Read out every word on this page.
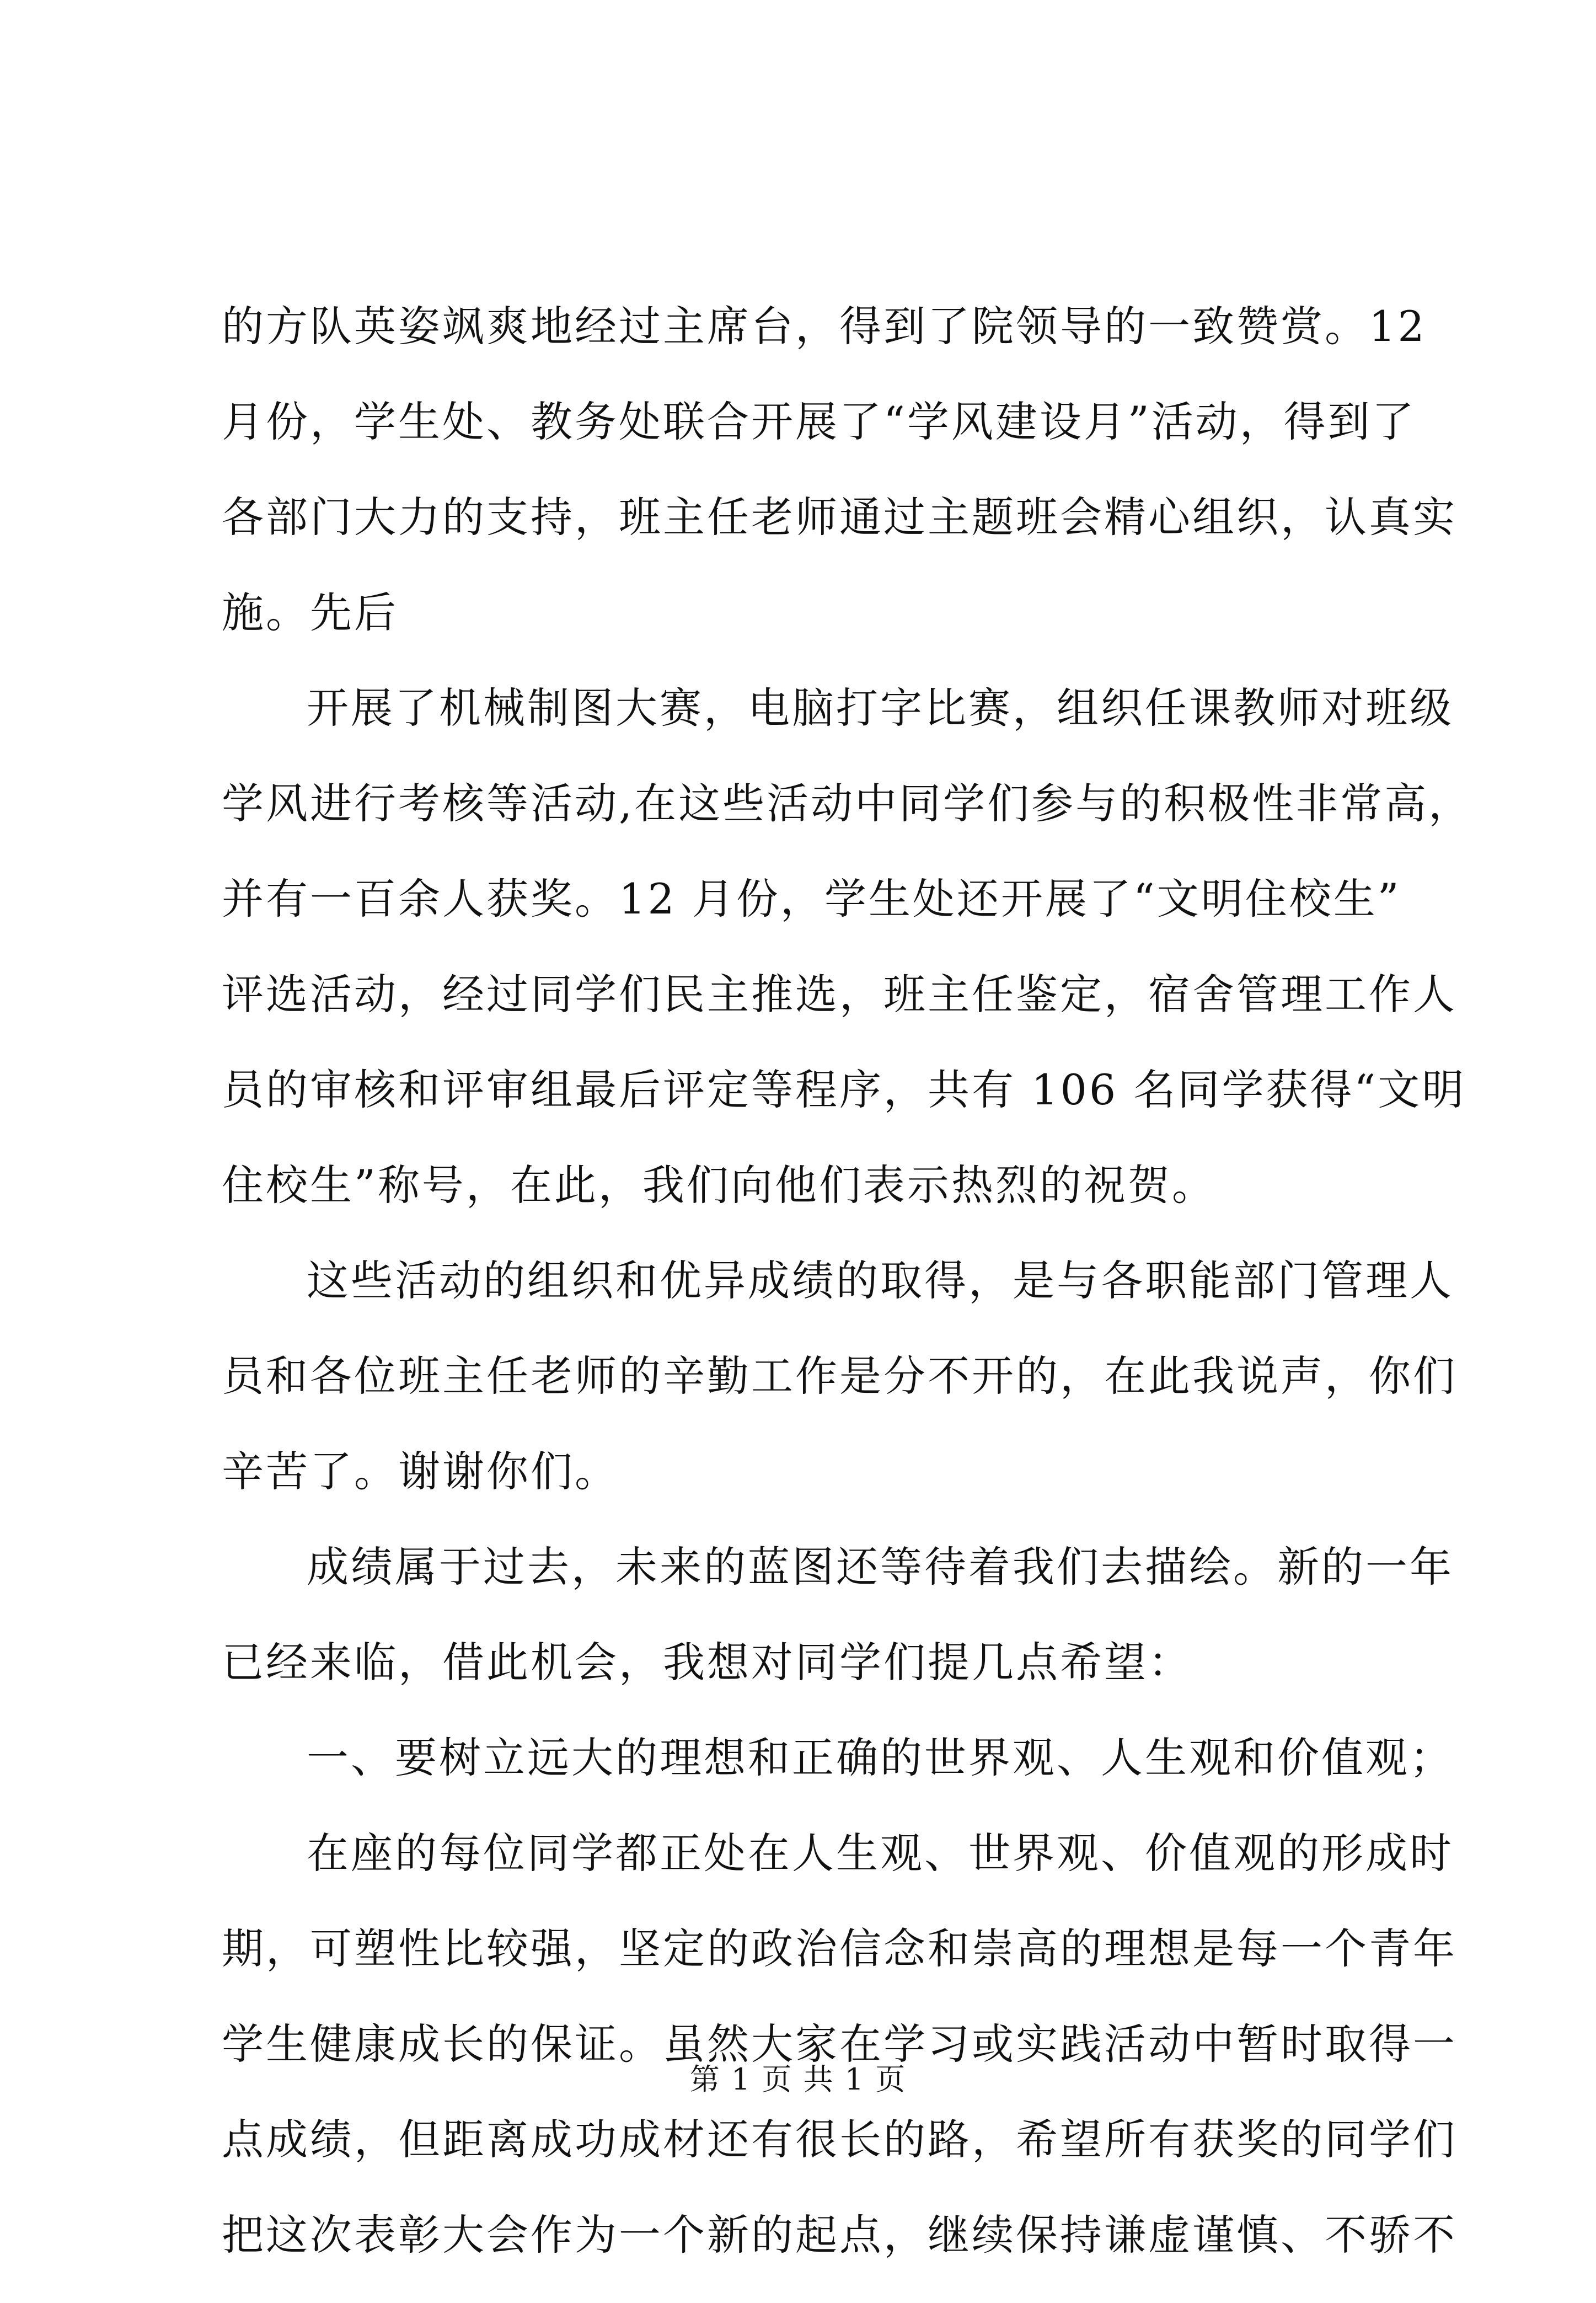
的方队英姿飒爽地经过主席台，得到了院领导的一致赞赏。12
月份，学生处、教务处联合开展了“学风建设月”活动，得到了
各部门大力的支持，班主任老师通过主题班会精心组织，认真实
施。先后
开展了机械制图大赛，电脑打字比赛，组织任课教师对班级
学风进行考核等活动,在这些活动中同学们参与的积极性非常高，
并有一百余人获奖。12 月份，学生处还开展了“文明住校生”
评选活动，经过同学们民主推选，班主任鉴定，宿舍管理工作人
员的审核和评审组最后评定等程序，共有 106 名同学获得“文明
住校生”称号，在此，我们向他们表示热烈的祝贺。
这些活动的组织和优异成绩的取得，是与各职能部门管理人
员和各位班主任老师的辛勤工作是分不开的，在此我说声，你们
辛苦了。谢谢你们。
成绩属于过去，未来的蓝图还等待着我们去描绘。新的一年
已经来临，借此机会，我想对同学们提几点希望：
一、要树立远大的理想和正确的世界观、人生观和价值观；
在座的每位同学都正处在人生观、世界观、价值观的形成时
期，可塑性比较强，坚定的政治信念和崇高的理想是每一个青年
学生健康成长的保证。虽然大家在学习或实践活动中暂时取得一
点成绩，但距离成功成材还有很长的路，希望所有获奖的同学们
把这次表彰大会作为一个新的起点，继续保持谦虚谨慎、不骄不
第 1 页 共 1 页
